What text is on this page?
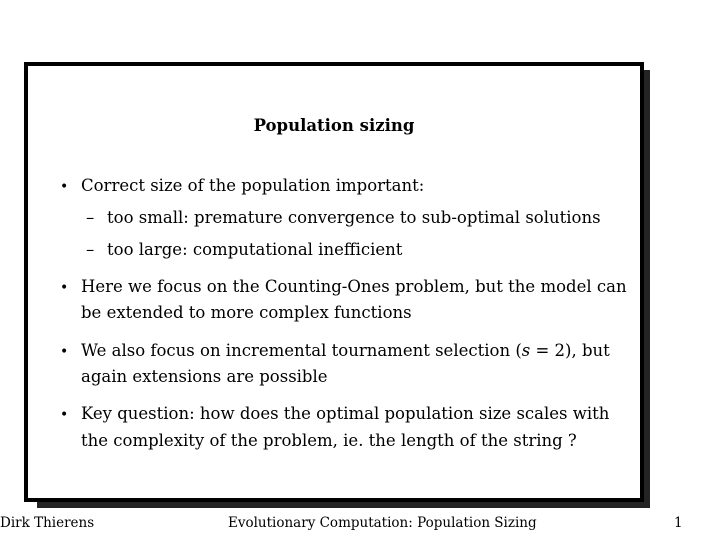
Population sizing
• Correct size of the population important:
– too small: premature convergence to sub-optimal solutions
– too large: computational inefficient
• Here we focus on the Counting-Ones problem, but the model can
be extended to more complex functions
• We also focus on incremental tournament selection (s = 2), but
again extensions are possible
• Key question: how does the optimal population size scales with
the complexity of the problem, ie. the length of the string ?
Dirk Thierens	Evolutionary Computation: Population Sizing	1
